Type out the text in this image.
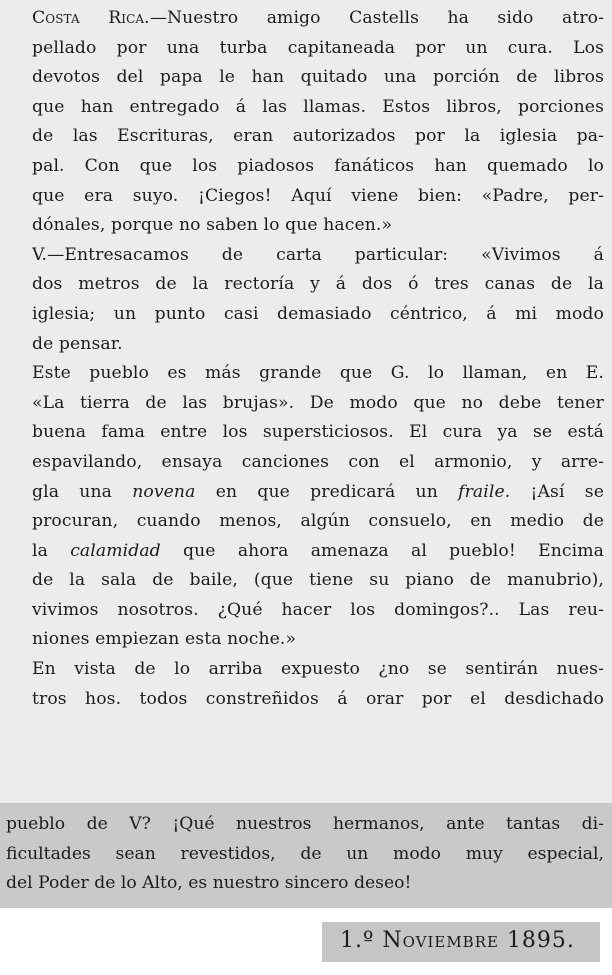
Costa Rica.—Nuestro amigo Castells ha sido atro-
pellado por una turba capitaneada por un cura. Los
devotos del papa le han quitado una porción de libros
que han entregado á las llamas. Estos libros, porciones
de las Escrituras, eran autorizados por la iglesia pa-
pal. Con que los piadosos fanáticos han quemado lo
que era suyo. ¡Ciegos! Aquí viene bien: «Padre, per-
dónales, porque no saben lo que hacen.»

V.—Entresacamos de carta particular: «Vivimos á
dos metros de la rectoría y á dos ó tres canas de la
iglesia; un punto casi demasiado céntrico, á mi modo
de pensar.

Este pueblo es más grande que G. lo llaman, en E.
«La tierra de las brujas». De modo que no debe tener
buena fama entre los supersticiosos. El cura ya se está
espavilando, ensaya canciones con el armonio, y arre-
gla una novena en que predicará un fraile. ¡Así se
procuran, cuando menos, algún consuelo, en medio de
la calamidad que ahora amenaza al pueblo! Encima
de la sala de baile, (que tiene su piano de manubrio),
vivimos nosotros. ¿Qué hacer los domingos?.. Las reu-
niones empiezan esta noche.»

En vista de lo arriba expuesto ¿no se sentirán nues-
tros hos. todos constreñidos á orar por el desdichado

pueblo de V? ¡Qué nuestros hermanos, ante tantas di-
ficultades sean revestidos, de un modo muy especial,
del Poder de lo Alto, es nuestro sincero deseo!
1.º Noviembre 1895.
